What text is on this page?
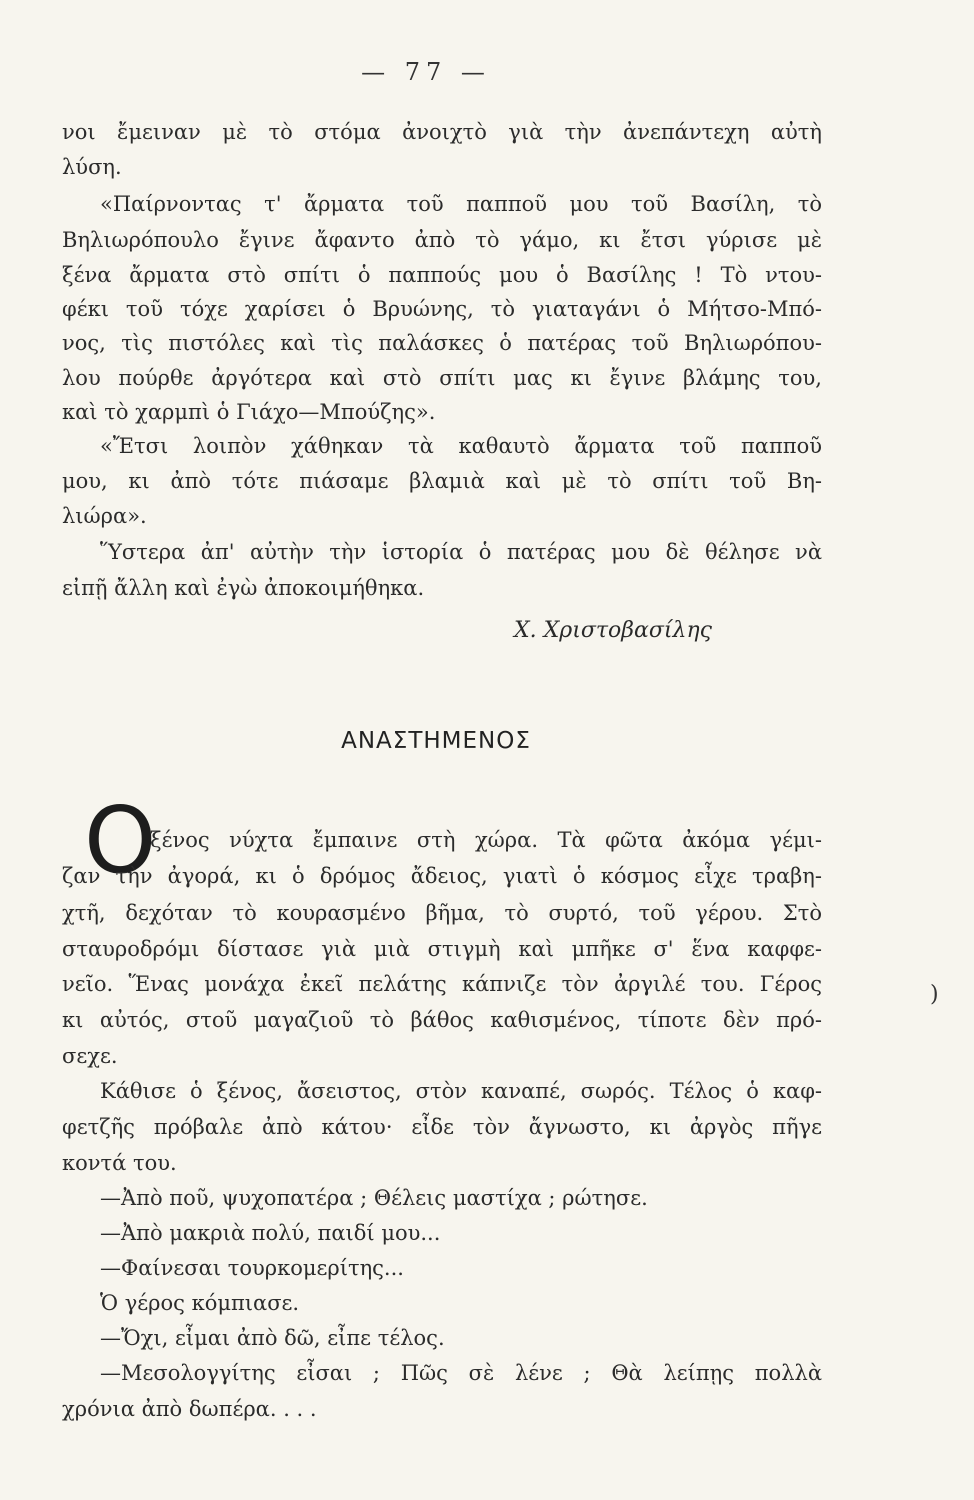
— 77 —
νοι ἔμειναν μὲ τὸ στόμα ἀνοιχτὸ γιὰ τὴν ἀνεπάντεχη αὐτὴ
λύση.
«Παίρνοντας τ' ἄρματα τοῦ παπποῦ μου τοῦ Βασίλη, τὸ
Βηλιωρόπουλο ἔγινε ἄφαντο ἀπὸ τὸ γάμο, κι ἔτσι γύρισε μὲ
ξένα ἄρματα στὸ σπίτι ὁ παππούς μου ὁ Βασίλης ! Τὸ ντου-
φέκι τοῦ τόχε χαρίσει ὁ Βρυώνης, τὸ γιαταγάνι ὁ Μήτσο-Μπό-
νος, τὶς πιστόλες καὶ τὶς παλάσκες ὁ πατέρας τοῦ Βηλιωρόπου-
λου πούρθε ἀργότερα καὶ στὸ σπίτι μας κι ἔγινε βλάμης του,
καὶ τὸ χαρμπὶ ὁ Γιάχο—Μπούζης».
«Ἔτσι λοιπὸν χάθηκαν τὰ καθαυτὸ ἄρματα τοῦ παπποῦ
μου, κι ἀπὸ τότε πιάσαμε βλαμιὰ καὶ μὲ τὸ σπίτι τοῦ Βη-
λιώρα».
Ὕστερα ἀπ' αὐτὴν τὴν ἱστορία ὁ πατέρας μου δὲ θέλησε νὰ
εἰπῇ ἄλλη καὶ ἐγὼ ἀποκοιμήθηκα.
Χ. Χριστοβασίλης
ΑΝΑΣΤΗΜΕΝΟΣ
Ο
ξένος νύχτα ἔμπαινε στὴ χώρα. Τὰ φῶτα ἀκόμα γέμι-
ζαν τὴν ἀγορά, κι ὁ δρόμος ἄδειος, γιατὶ ὁ κόσμος εἶχε τραβη-
χτῆ, δεχόταν τὸ κουρασμένο βῆμα, τὸ συρτό, τοῦ γέρου. Στὸ
σταυροδρόμι δίστασε γιὰ μιὰ στιγμὴ καὶ μπῆκε σ' ἕνα καφφε-
νεῖο. Ἕνας μονάχα ἐκεῖ πελάτης κάπνιζε τὸν ἀργιλέ του. Γέρος
κι αὐτός, στοῦ μαγαζιοῦ τὸ βάθος καθισμένος, τίποτε δὲν πρό-
σεχε.
Κάθισε ὁ ξένος, ἄσειστος, στὸν καναπέ, σωρός. Τέλος ὁ καφ-
φετζῆς πρόβαλε ἀπὸ κάτου· εἶδε τὸν ἄγνωστο, κι ἀργὸς πῆγε
κοντά του.
—Ἀπὸ ποῦ, ψυχοπατέρα ; Θέλεις μαστίχα ; ρώτησε.
—Ἀπὸ μακριὰ πολύ, παιδί μου...
—Φαίνεσαι τουρκομερίτης...
Ὁ γέρος κόμπιασε.
—Ὄχι, εἶμαι ἀπὸ δῶ, εἶπε τέλος.
—Μεσολογγίτης εἶσαι ; Πῶς σὲ λένε ; Θὰ λείπῃς πολλὰ
χρόνια ἀπὸ δωπέρα. . . .
)
